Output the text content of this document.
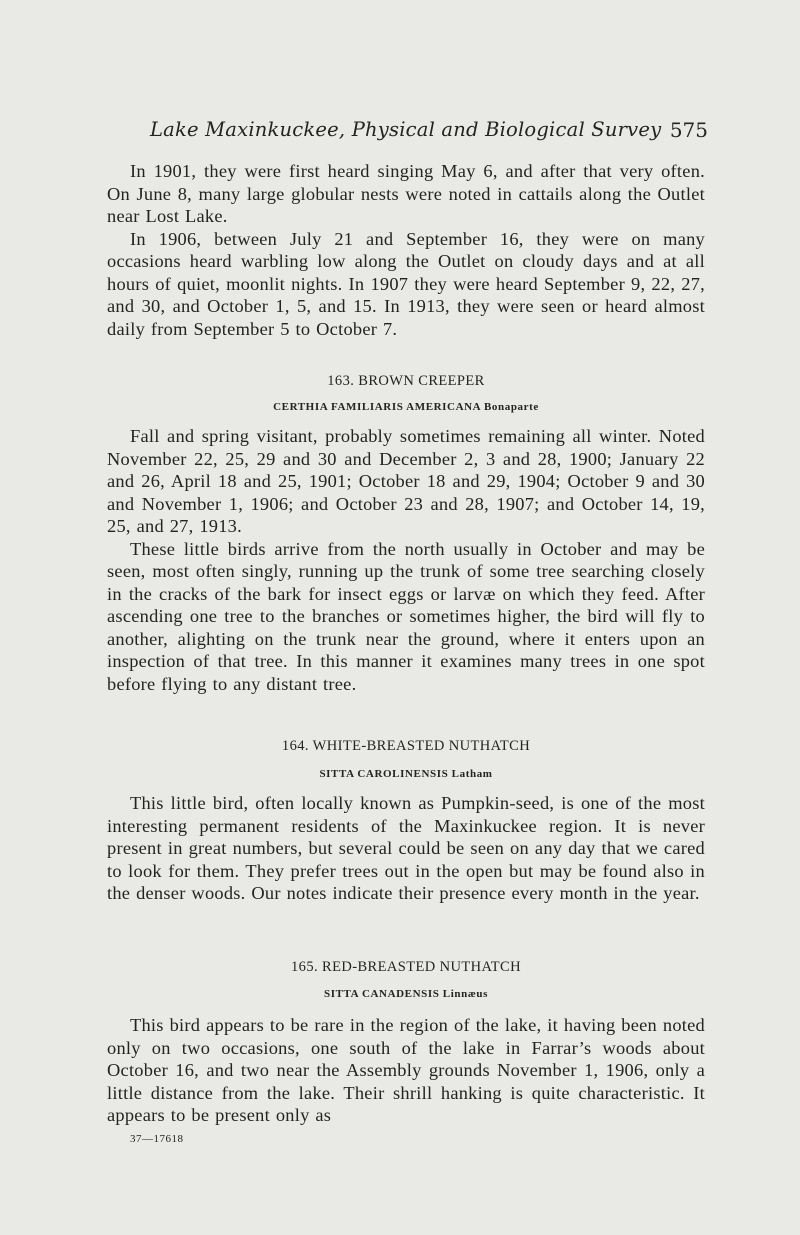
Lake Maxinkuckee, Physical and Biological Survey 575

In 1901, they were first heard singing May 6, and after that very often. On June 8, many large globular nests were noted in cattails along the Outlet near Lost Lake.

In 1906, between July 21 and September 16, they were on many occasions heard warbling low along the Outlet on cloudy days and at all hours of quiet, moonlit nights. In 1907 they were heard September 9, 22, 27, and 30, and October 1, 5, and 15. In 1913, they were seen or heard almost daily from September 5 to October 7.

163. BROWN CREEPER
CERTHIA FAMILIARIS AMERICANA Bonaparte

Fall and spring visitant, probably sometimes remaining all winter. Noted November 22, 25, 29 and 30 and December 2, 3 and 28, 1900; January 22 and 26, April 18 and 25, 1901; October 18 and 29, 1904; October 9 and 30 and November 1, 1906; and October 23 and 28, 1907; and October 14, 19, 25, and 27, 1913.

These little birds arrive from the north usually in October and may be seen, most often singly, running up the trunk of some tree searching closely in the cracks of the bark for insect eggs or larvæ on which they feed. After ascending one tree to the branches or sometimes higher, the bird will fly to another, alighting on the trunk near the ground, where it enters upon an inspection of that tree. In this manner it examines many trees in one spot before flying to any distant tree.

164. WHITE-BREASTED NUTHATCH
SITTA CAROLINENSIS Latham

This little bird, often locally known as Pumpkin-seed, is one of the most interesting permanent residents of the Maxinkuckee region. It is never present in great numbers, but several could be seen on any day that we cared to look for them. They prefer trees out in the open but may be found also in the denser woods. Our notes indicate their presence every month in the year.

165. RED-BREASTED NUTHATCH
SITTA CANADENSIS Linnæus

This bird appears to be rare in the region of the lake, it having been noted only on two occasions, one south of the lake in Farrar’s woods about October 16, and two near the Assembly grounds November 1, 1906, only a little distance from the lake. Their shrill hanking is quite characteristic. It appears to be present only as

37—17618
